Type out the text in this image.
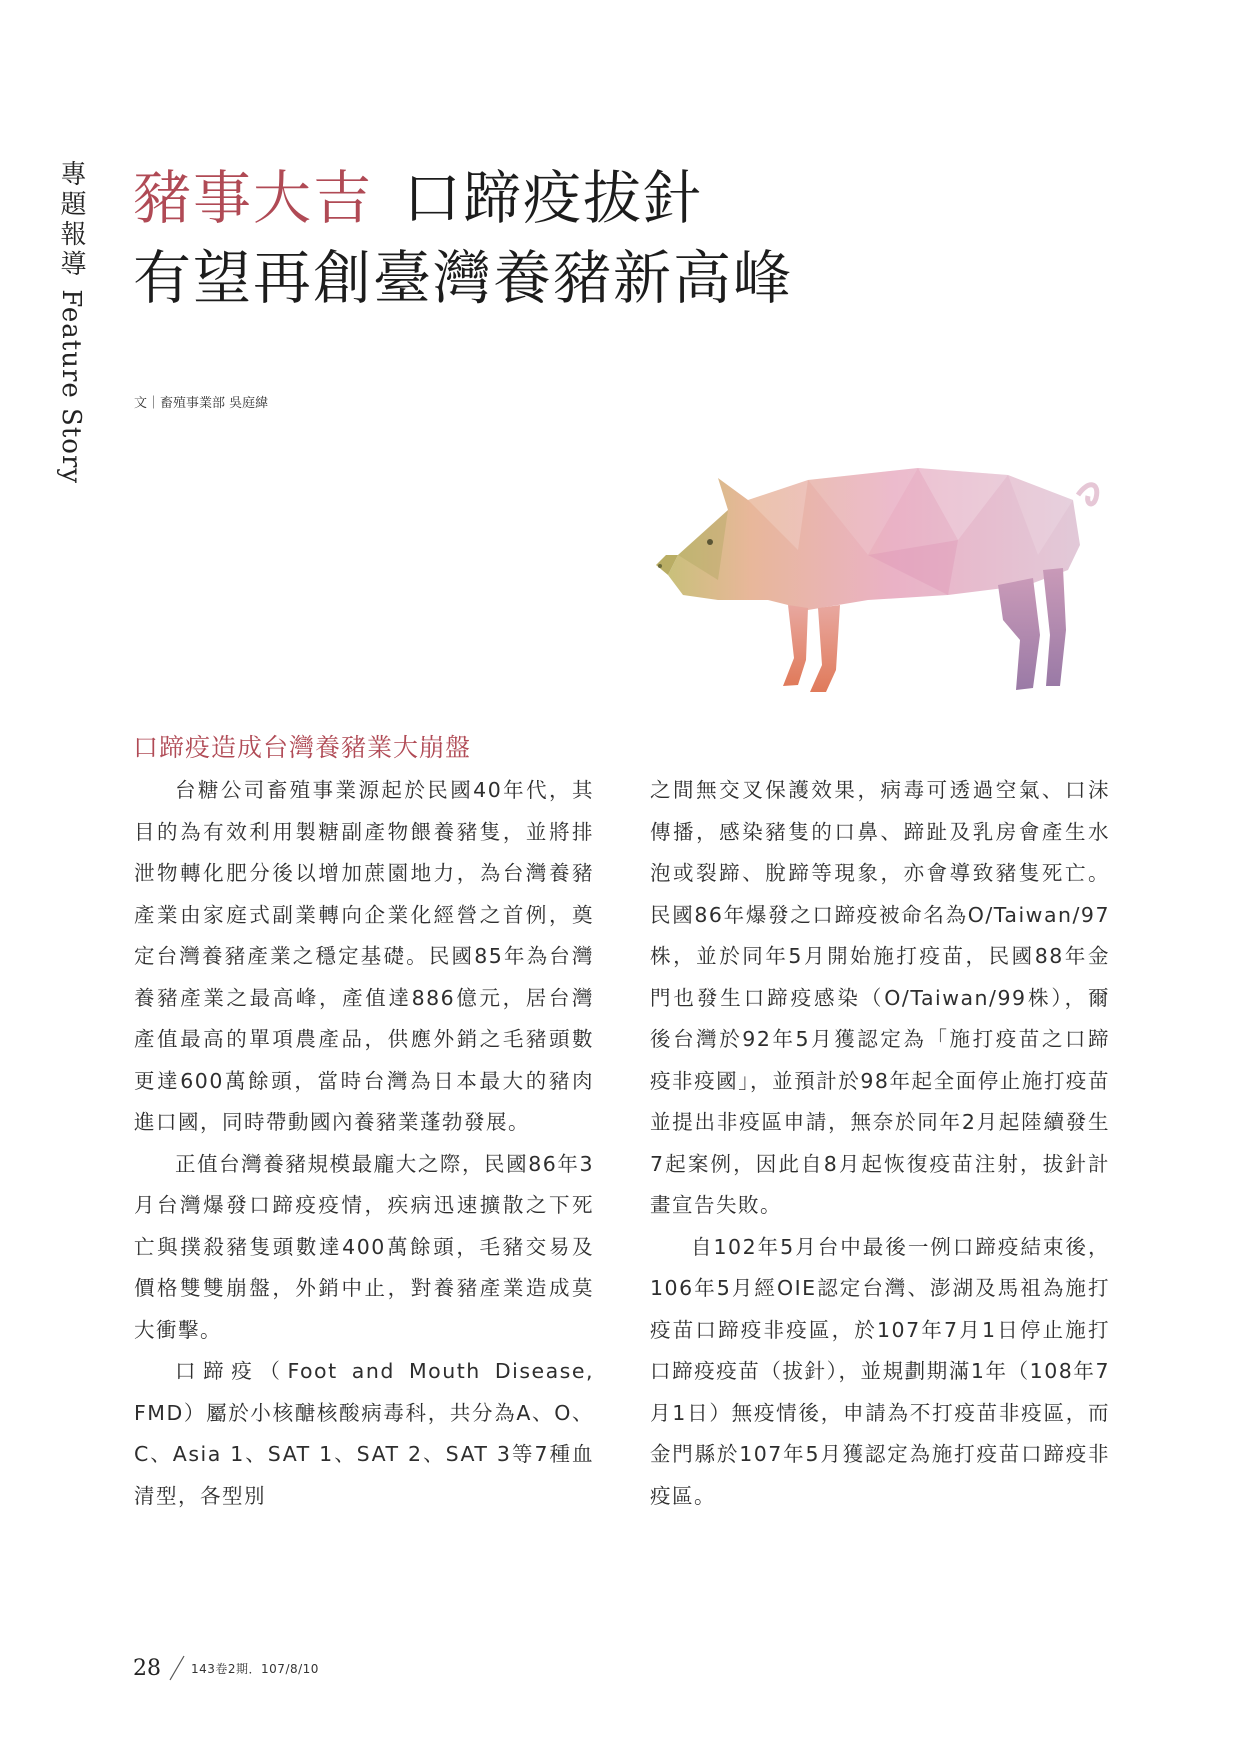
專題報導 Feature Story
豬事大吉 口蹄疫拔針
有望再創臺灣養豬新高峰
文｜畜殖事業部 吳庭緯
口蹄疫造成台灣養豬業大崩盤

台糖公司畜殖事業源起於民國40年代，其目的為有效利用製糖副產物餵養豬隻，並將排泄物轉化肥分後以增加蔗園地力，為台灣養豬產業由家庭式副業轉向企業化經營之首例，奠定台灣養豬產業之穩定基礎。民國85年為台灣養豬產業之最高峰，產值達886億元，居台灣產值最高的單項農產品，供應外銷之毛豬頭數更達600萬餘頭，當時台灣為日本最大的豬肉進口國，同時帶動國內養豬業蓬勃發展。

正值台灣養豬規模最龐大之際，民國86年3月台灣爆發口蹄疫疫情，疾病迅速擴散之下死亡與撲殺豬隻頭數達400萬餘頭，毛豬交易及價格雙雙崩盤，外銷中止，對養豬產業造成莫大衝擊。

口蹄疫（Foot and Mouth Disease, FMD）屬於小核醣核酸病毒科，共分為A、O、C、Asia 1、SAT 1、SAT 2、SAT 3等7種血清型，各型別

之間無交叉保護效果，病毒可透過空氣、口沫傳播，感染豬隻的口鼻、蹄趾及乳房會產生水泡或裂蹄、脫蹄等現象，亦會導致豬隻死亡。民國86年爆發之口蹄疫被命名為O/Taiwan/97株，並於同年5月開始施打疫苗，民國88年金門也發生口蹄疫感染（O/Taiwan/99株），爾後台灣於92年5月獲認定為「施打疫苗之口蹄疫非疫國」，並預計於98年起全面停止施打疫苗並提出非疫區申請，無奈於同年2月起陸續發生7起案例，因此自8月起恢復疫苗注射，拔針計畫宣告失敗。

自102年5月台中最後一例口蹄疫結束後，106年5月經OIE認定台灣、澎湖及馬祖為施打疫苗口蹄疫非疫區，於107年7月1日停止施打口蹄疫疫苗（拔針），並規劃期滿1年（108年7月1日）無疫情後，申請為不打疫苗非疫區，而金門縣於107年5月獲認定為施打疫苗口蹄疫非疫區。

28	143卷2期．107/8/10
